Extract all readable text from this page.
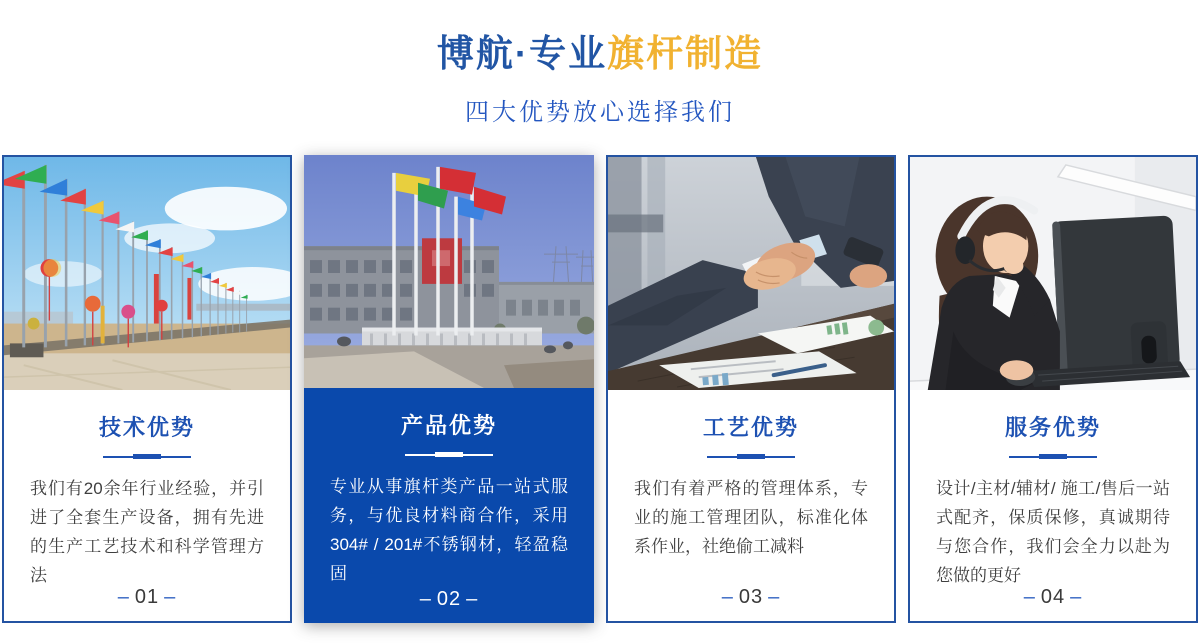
博航·专业旗杆制造
四大优势放心选择我们
技术优势
我们有20余年行业经验，并引进了全套生产设备，拥有先进的生产工艺技术和科学管理方法
– 01 –
产品优势
专业从事旗杆类产品一站式服务，与优良材料商合作，采用304# / 201#不锈钢材，轻盈稳固
– 02 –
工艺优势
我们有着严格的管理体系，专业的施工管理团队，标准化体系作业，社绝偷工减料
– 03 –
服务优势
设计/主材/辅材/ 施工/售后一站式配齐，保质保修，真诚期待与您合作，我们会全力以赴为您做的更好
– 04 –
